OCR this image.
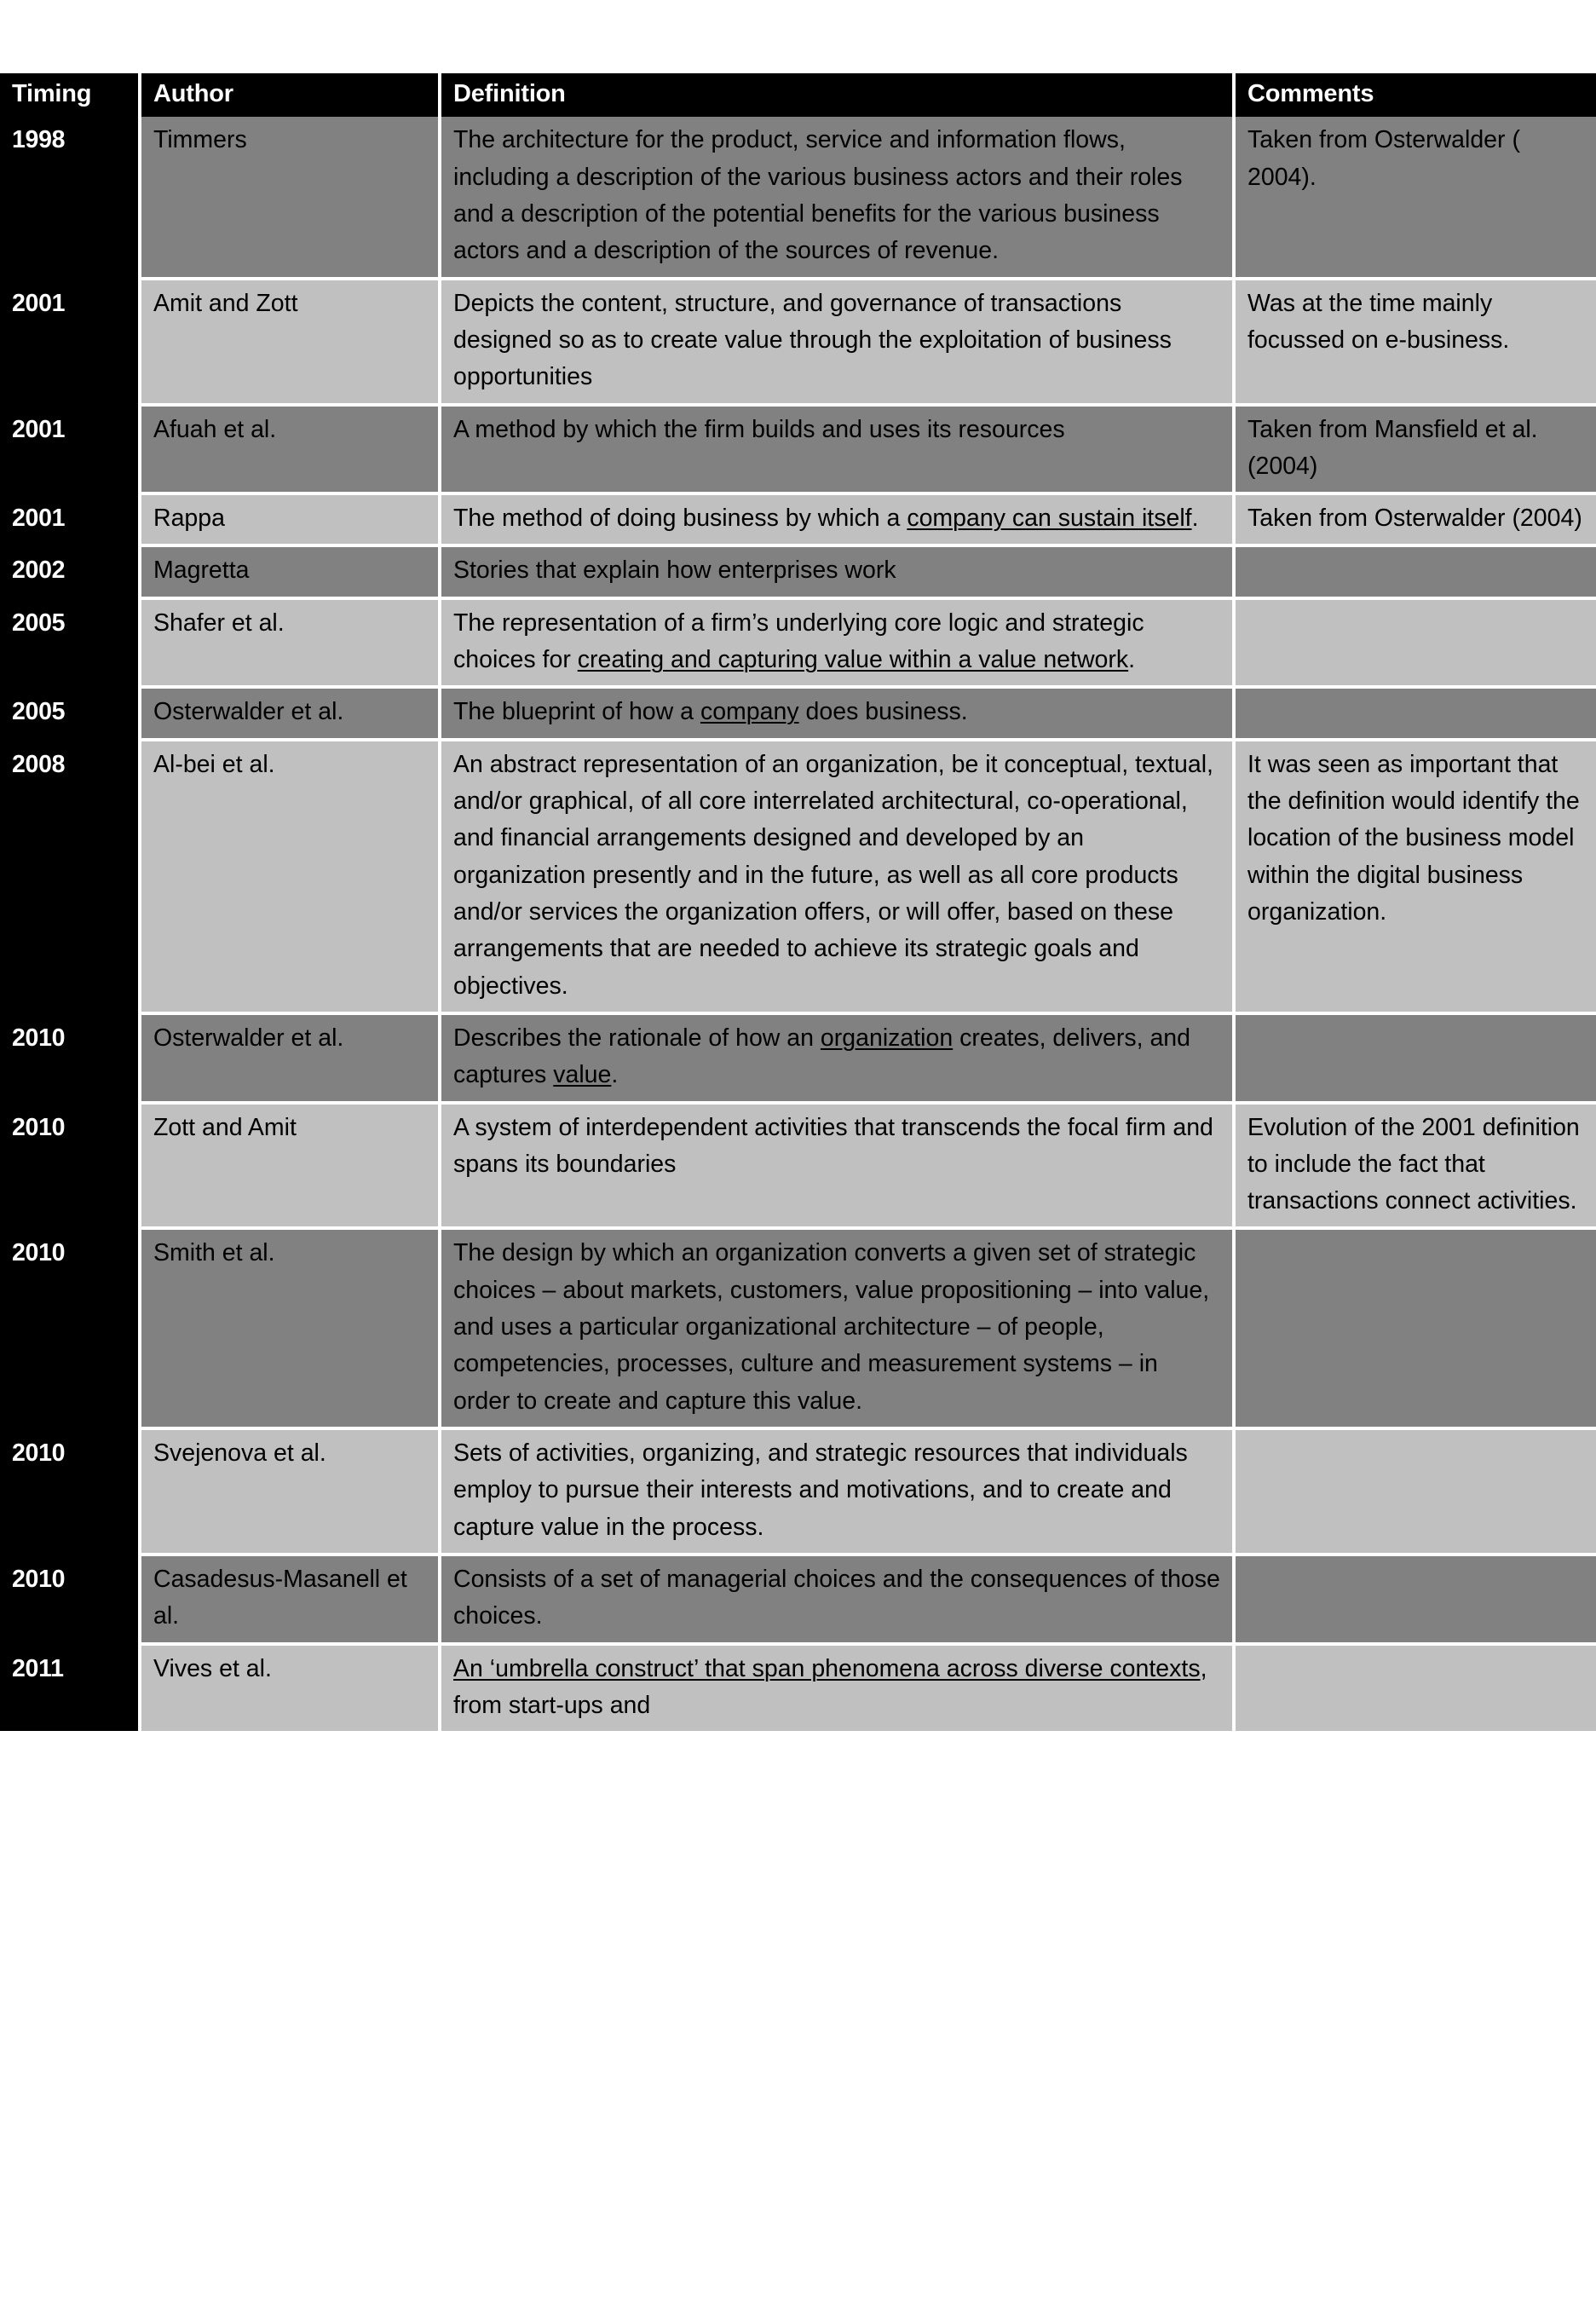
Timing	Author	Definition	Comments
1998	Timmers	The architecture for the product, service and information flows, including a description of the various business actors and their roles and a description of the potential benefits for the various business actors and a description of the sources of revenue.	Taken from Osterwalder ( 2004).
2001	Amit and Zott	Depicts the content, structure, and governance of transactions designed so as to create value through the exploitation of business opportunities	Was at the time mainly focussed on e-business.
2001	Afuah et al.	A method by which the firm builds and uses its resources	Taken from Mansfield et al. (2004)
2001	Rappa	The method of doing business by which a company can sustain itself.	Taken from Osterwalder (2004)
2002	Magretta	Stories that explain how enterprises work	
2005	Shafer et al.	The representation of a firm’s underlying core logic and strategic choices for creating and capturing value within a value network.	
2005	Osterwalder et al.	The blueprint of how a company does business.	
2008	Al-bei et al.	An abstract representation of an organization, be it conceptual, textual, and/or graphical, of all core interrelated architectural, co-operational, and financial arrangements designed and developed by an organization presently and in the future, as well as all core products and/or services the organization offers, or will offer, based on these arrangements that are needed to achieve its strategic goals and objectives.	It was seen as important that the definition would identify the location of the business model within the digital business organization.
2010	Osterwalder et al.	Describes the rationale of how an organization creates, delivers, and captures value.	
2010	Zott and Amit	A system of interdependent activities that transcends the focal firm and spans its boundaries	Evolution of the 2001 definition to include the fact that transactions connect activities.
2010	Smith et al.	The design by which an organization converts a given set of strategic choices – about markets, customers, value propositioning – into value, and uses a particular organizational architecture – of people, competencies, processes, culture and measurement systems – in order to create and capture this value.	
2010	Svejenova et al.	Sets of activities, organizing, and strategic resources that individuals employ to pursue their interests and motivations, and to create and capture value in the process.	
2010	Casadesus-Masanell et al.	Consists of a set of managerial choices and the consequences of those choices.	
2011	Vives et al.	An ‘umbrella construct’ that span phenomena across diverse contexts, from start-ups and	
